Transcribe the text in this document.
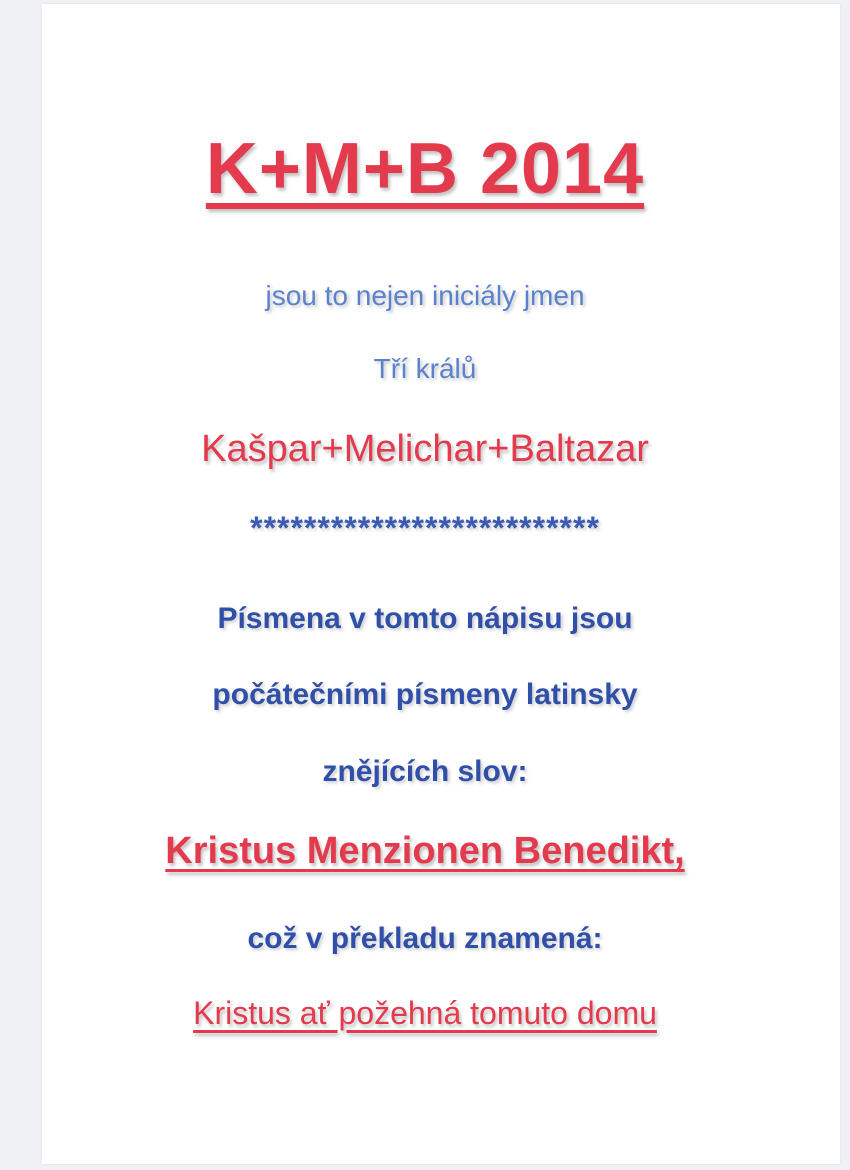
K+M+B 2014
jsou to nejen iniciály jmen
Tří králů
Kašpar+Melichar+Baltazar
**************************
Písmena v tomto nápisu jsou
počátečními písmeny latinsky
znějících slov:
Kristus Menzionen Benedikt,
což v překladu znamená:
Kristus ať požehná tomuto domu
